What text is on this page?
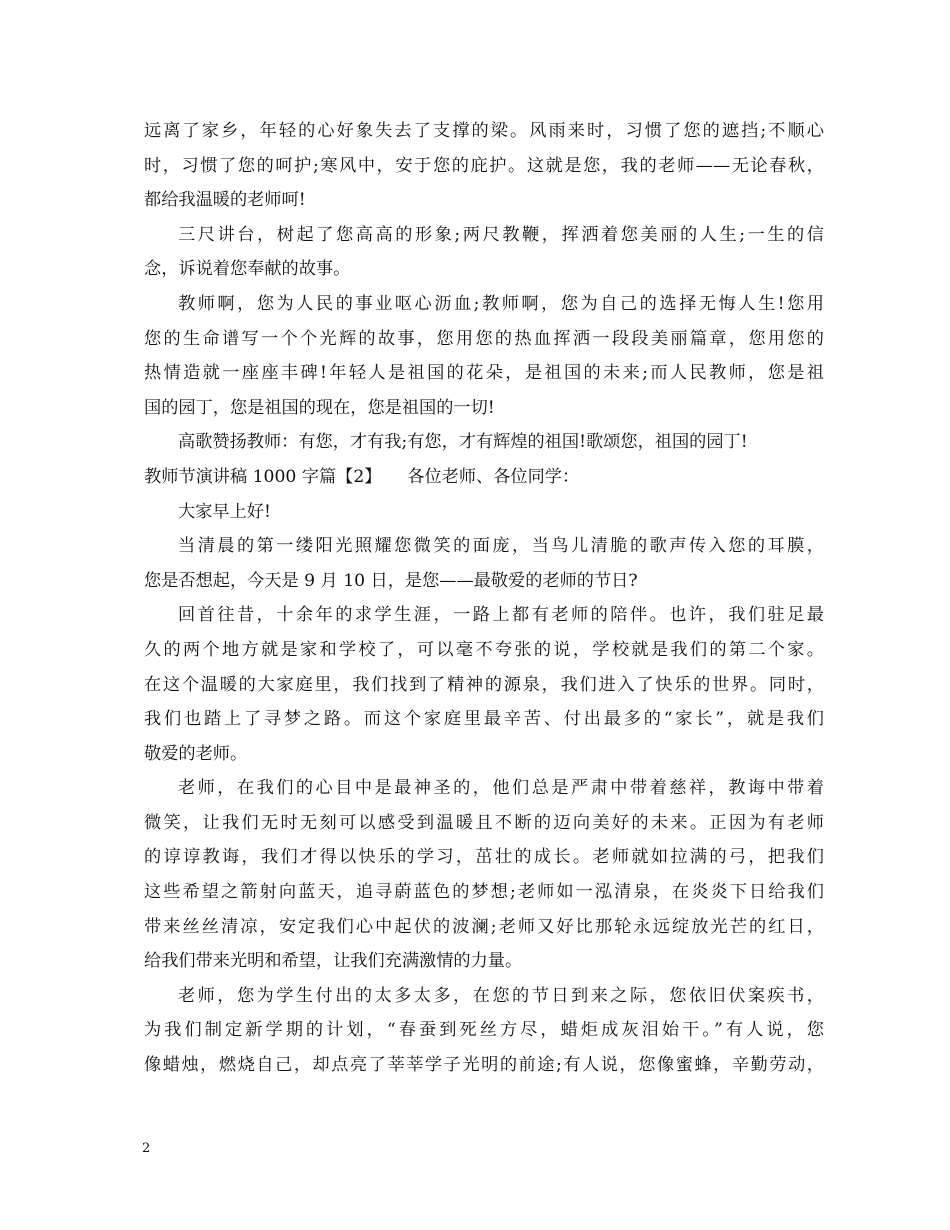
远离了家乡，年轻的心好象失去了支撑的梁。风雨来时，习惯了您的遮挡;不顺心
时，习惯了您的呵护;寒风中，安于您的庇护。这就是您，我的老师——无论春秋，
都给我温暖的老师呵!
三尺讲台，树起了您高高的形象;两尺教鞭，挥洒着您美丽的人生;一生的信
念，诉说着您奉献的故事。
教师啊，您为人民的事业呕心沥血;教师啊，您为自己的选择无悔人生!您用
您的生命谱写一个个光辉的故事，您用您的热血挥洒一段段美丽篇章，您用您的
热情造就一座座丰碑!年轻人是祖国的花朵，是祖国的未来;而人民教师，您是祖
国的园丁，您是祖国的现在，您是祖国的一切!
高歌赞扬教师：有您，才有我;有您，才有辉煌的祖国!歌颂您，祖国的园丁!
教师节演讲稿 1000 字篇【2】　　各位老师、各位同学：
大家早上好!
当清晨的第一缕阳光照耀您微笑的面庞，当鸟儿清脆的歌声传入您的耳膜，
您是否想起，今天是 9 月 10 日，是您——最敬爱的老师的节日?
回首往昔，十余年的求学生涯，一路上都有老师的陪伴。也许，我们驻足最
久的两个地方就是家和学校了，可以毫不夸张的说，学校就是我们的第二个家。
在这个温暖的大家庭里，我们找到了精神的源泉，我们进入了快乐的世界。同时，
我们也踏上了寻梦之路。而这个家庭里最辛苦、付出最多的“家长”，就是我们
敬爱的老师。
老师，在我们的心目中是最神圣的，他们总是严肃中带着慈祥，教诲中带着
微笑，让我们无时无刻可以感受到温暖且不断的迈向美好的未来。正因为有老师
的谆谆教诲，我们才得以快乐的学习，茁壮的成长。老师就如拉满的弓，把我们
这些希望之箭射向蓝天，追寻蔚蓝色的梦想;老师如一泓清泉，在炎炎下日给我们
带来丝丝清凉，安定我们心中起伏的波澜;老师又好比那轮永远绽放光芒的红日，
给我们带来光明和希望，让我们充满激情的力量。
老师，您为学生付出的太多太多，在您的节日到来之际，您依旧伏案疾书，
为我们制定新学期的计划，“春蚕到死丝方尽，蜡炬成灰泪始干。”有人说，您
像蜡烛，燃烧自己，却点亮了莘莘学子光明的前途;有人说，您像蜜蜂，辛勤劳动，
2
